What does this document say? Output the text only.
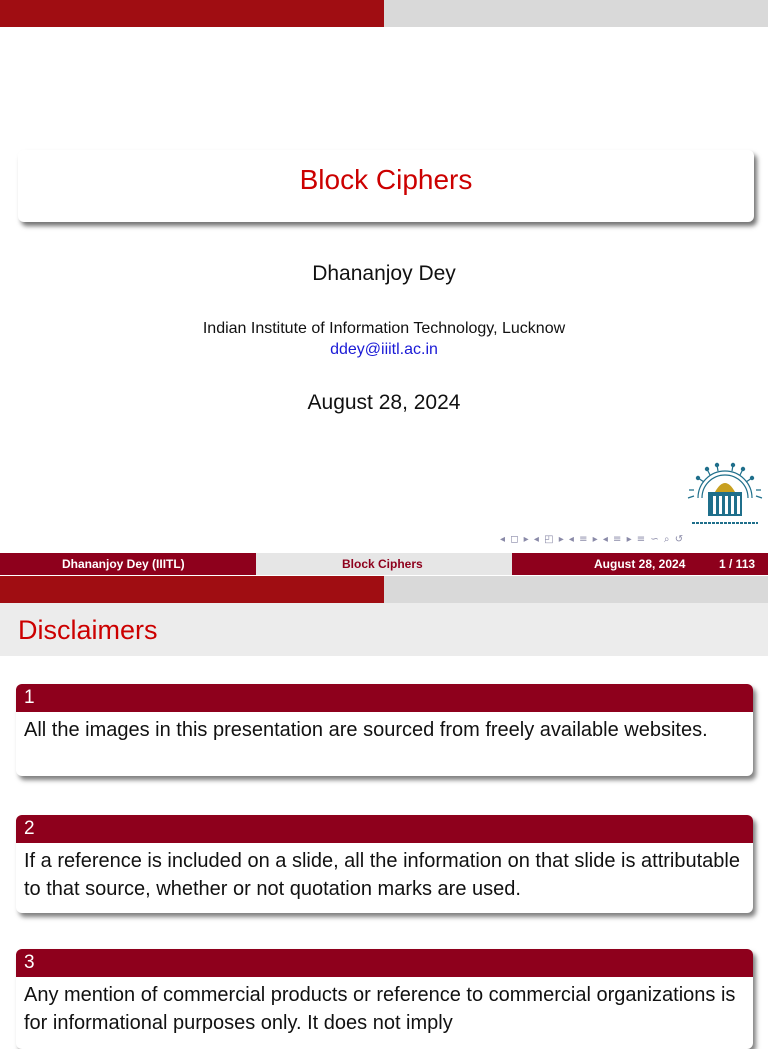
Block Ciphers
Dhananjoy Dey
Indian Institute of Information Technology, Lucknow
ddey@iiitl.ac.in
August 28, 2024
◂ ◻ ▸ ◂ ◰ ▸ ◂ ≡ ▸ ◂ ≡ ▸ ≡ ∽ ⌕ ↺
Dhananjoy Dey (IIITL)	Block Ciphers	August 28, 2024	1 / 113
Disclaimers
1
All the images in this presentation are sourced from freely available websites.
2
If a reference is included on a slide, all the information on that slide is attributable to that source, whether or not quotation marks are used.
3
Any mention of commercial products or reference to commercial organizations is for informational purposes only. It does not imply
